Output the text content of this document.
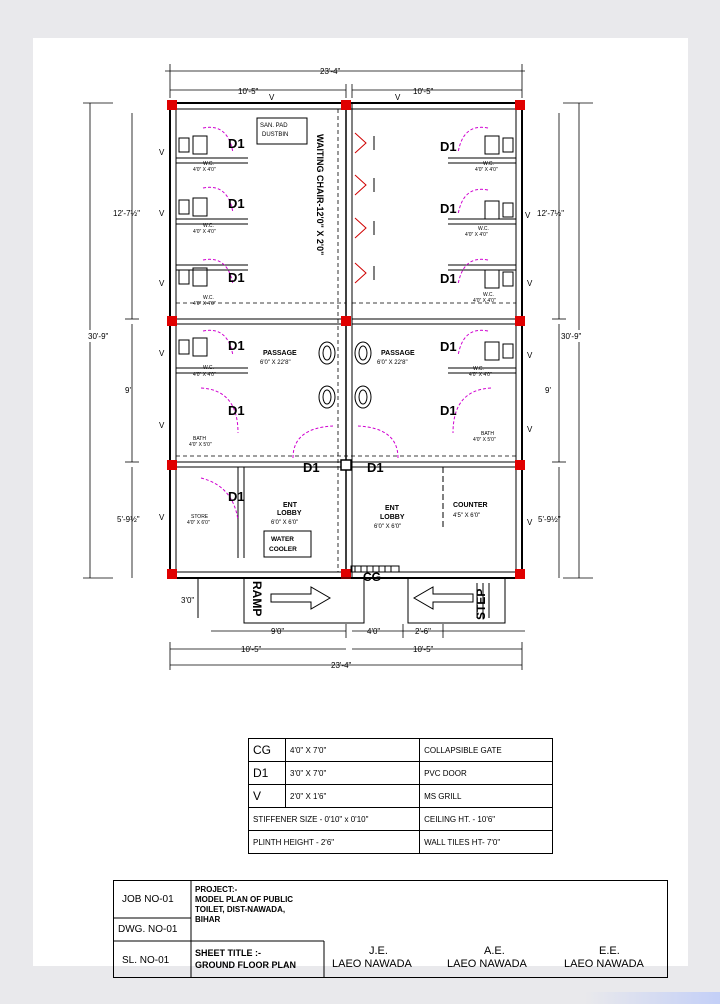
D1
W.C.
4'0" X 4'0"
D1
W.C.
4'0" X 4'0"
D1
W.C.
4'0" X 4'0"
D1
W.C.
4'0" X 4'0"
D1
W.C.
4'0" X 4'0"
D1
W.C.
4'0" X 4'0"
D1
W.C.
4'0" X 4'0"
D1
W.C.
4'0" X 4'0"
D1
BATH
4'0" X 5'0"
D1
BATH
4'0" X 5'0"
SAN. PAD
DUSTBIN	WAITING CHAIR-12'0" X 2'0"
PASSAGE
6'0" X 22'8"
PASSAGE
6'0" X 22'8"
D1	D1
D1
STORE
4'0" X 6'0"
ENT
LOBBY
6'0" X 6'0"
WATER
COOLER
ENT
LOBBY
6'0" X 6'0"
COUNTER
4'5" X 6'0"
CG
RAMP	STEP
3'0"
V
V
V
V
V
V
V
V
V
V
V
V	V
23'-4"
10'-5"	10'-5"
30'-9"
12'-7½"
9'
5'-9½"
30'-9"
12'-7½"
9'
5'-9½"
9'0"	4'0"	2'-6"
10'-5"	10'-5"
23'-4"
CG	4'0" X 7'0"	COLLAPSIBLE GATE
D1	3'0" X 7'0"	PVC DOOR
V	2'0" X 1'6"	MS GRILL
STIFFENER SIZE - 0'10" x 0'10"		CEILING HT. - 10'6"
PLINTH HEIGHT - 2'6"		WALL TILES HT- 7'0"
JOB NO-01
DWG. NO-01
SL. NO-01
PROJECT:-
MODEL PLAN OF PUBLIC
TOILET, DIST-NAWADA,
BIHAR
SHEET TITLE :-
GROUND FLOOR PLAN
J.E.
LAEO NAWADA
A.E.
LAEO NAWADA
E.E.
LAEO NAWADA
